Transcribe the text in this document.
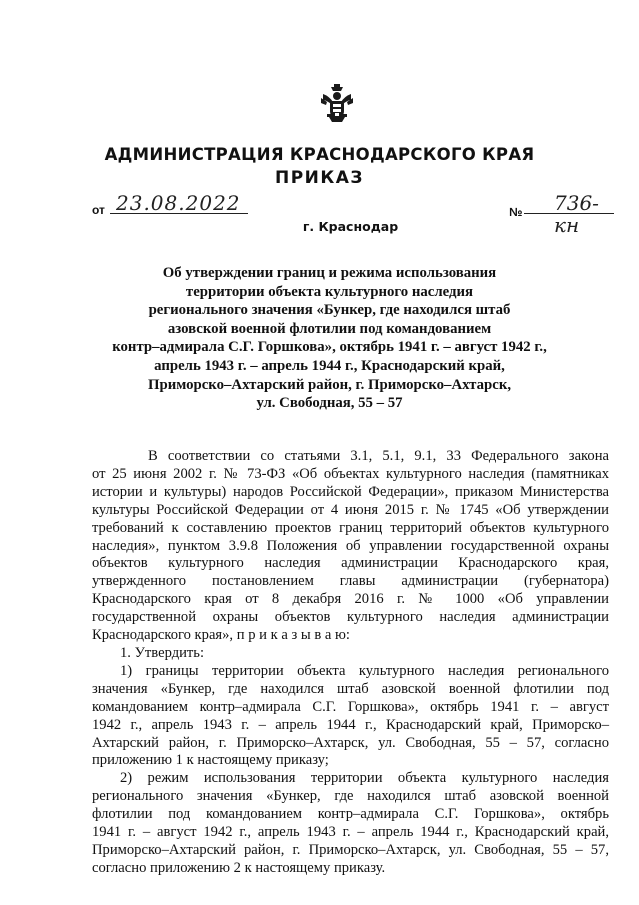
АДМИНИСТРАЦИЯ КРАСНОДАРСКОГО КРАЯ
ПРИКАЗ
от 23.08.2022	№	736-кн
г. Краснодар
Об утверждении границ и режима использования
территории объекта культурного наследия
регионального значения «Бункер, где находился штаб
азовской военной флотилии под командованием
контр–адмирала С.Г. Горшкова», октябрь 1941 г. – август 1942 г.,
апрель 1943 г. – апрель 1944 г., Краснодарский край,
Приморско–Ахтарский район, г. Приморско–Ахтарск,
ул. Свободная, 55 – 57
В соответствии со статьями 3.1, 5.1, 9.1, 33 Федерального закона
от 25 июня 2002 г. № 73-ФЗ «Об объектах культурного наследия (памятниках
истории и культуры) народов Российской Федерации», приказом Министерства
культуры Российской Федерации от 4 июня 2015 г. № 1745 «Об утверждении
требований к составлению проектов границ территорий объектов культурного
наследия», пунктом 3.9.8 Положения об управлении государственной охраны
объектов культурного наследия администрации Краснодарского края,
утвержденного постановлением главы администрации (губернатора)
Краснодарского края от 8 декабря 2016 г. № 1000 «Об управлении
государственной охраны объектов культурного наследия администрации
Краснодарского края», п р и к а з ы в а ю:
1. Утвердить:
1) границы территории объекта культурного наследия регионального
значения «Бункер, где находился штаб азовской военной флотилии под
командованием контр–адмирала С.Г. Горшкова», октябрь 1941 г. – август
1942 г., апрель 1943 г. – апрель 1944 г., Краснодарский край, Приморско–
Ахтарский район, г. Приморско–Ахтарск, ул. Свободная, 55 – 57, согласно
приложению 1 к настоящему приказу;
2) режим использования территории объекта культурного наследия
регионального значения «Бункер, где находился штаб азовской военной
флотилии под командованием контр–адмирала С.Г. Горшкова», октябрь
1941 г. – август 1942 г., апрель 1943 г. – апрель 1944 г., Краснодарский край,
Приморско–Ахтарский район, г. Приморско–Ахтарск, ул. Свободная, 55 – 57,
согласно приложению 2 к настоящему приказу.
